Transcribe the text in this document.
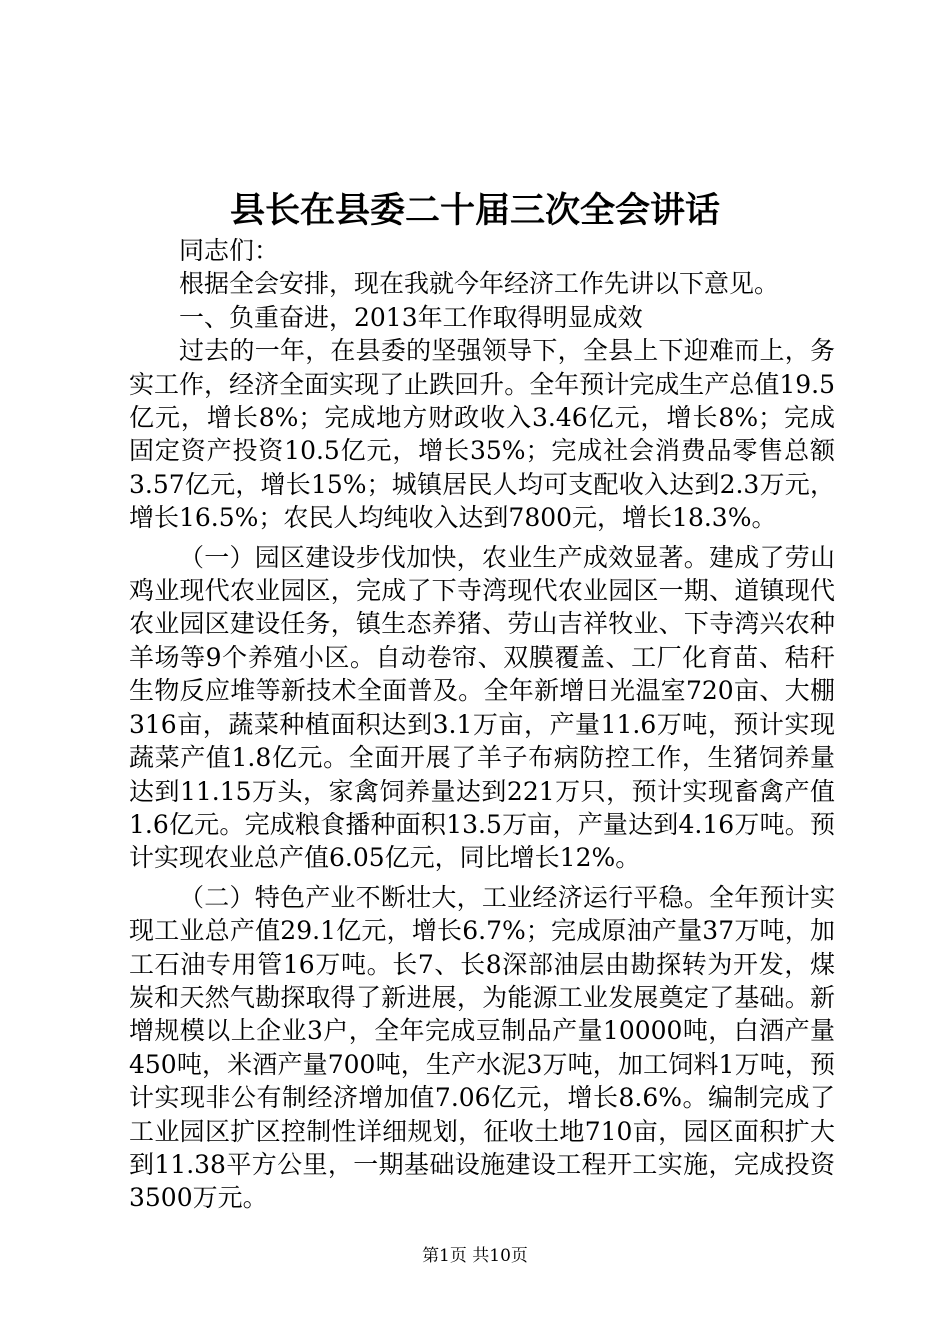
县长在县委二十届三次全会讲话

同志们：

根据全会安排，现在我就今年经济工作先讲以下意见。

一、负重奋进，2013年工作取得明显成效

过去的一年，在县委的坚强领导下，全县上下迎难而上，务实工作，经济全面实现了止跌回升。全年预计完成生产总值19.5亿元，增长8%；完成地方财政收入3.46亿元，增长8%；完成固定资产投资10.5亿元，增长35%；完成社会消费品零售总额3.57亿元，增长15%；城镇居民人均可支配收入达到2.3万元，增长16.5%；农民人均纯收入达到7800元，增长18.3%。

（一）园区建设步伐加快，农业生产成效显著。建成了劳山鸡业现代农业园区，完成了下寺湾现代农业园区一期、道镇现代农业园区建设任务，镇生态养猪、劳山吉祥牧业、下寺湾兴农种羊场等9个养殖小区。自动卷帘、双膜覆盖、工厂化育苗、秸秆生物反应堆等新技术全面普及。全年新增日光温室720亩、大棚316亩，蔬菜种植面积达到3.1万亩，产量11.6万吨，预计实现蔬菜产值1.8亿元。全面开展了羊子布病防控工作，生猪饲养量达到11.15万头，家禽饲养量达到221万只，预计实现畜禽产值1.6亿元。完成粮食播种面积13.5万亩，产量达到4.16万吨。预计实现农业总产值6.05亿元，同比增长12%。

（二）特色产业不断壮大，工业经济运行平稳。全年预计实现工业总产值29.1亿元，增长6.7%；完成原油产量37万吨，加工石油专用管16万吨。长7、长8深部油层由勘探转为开发，煤炭和天然气勘探取得了新进展，为能源工业发展奠定了基础。新增规模以上企业3户，全年完成豆制品产量10000吨，白酒产量450吨，米酒产量700吨，生产水泥3万吨，加工饲料1万吨，预计实现非公有制经济增加值7.06亿元，增长8.6%。编制完成了工业园区扩区控制性详细规划，征收土地710亩，园区面积扩大到11.38平方公里，一期基础设施建设工程开工实施，完成投资3500万元。

第1页 共10页
